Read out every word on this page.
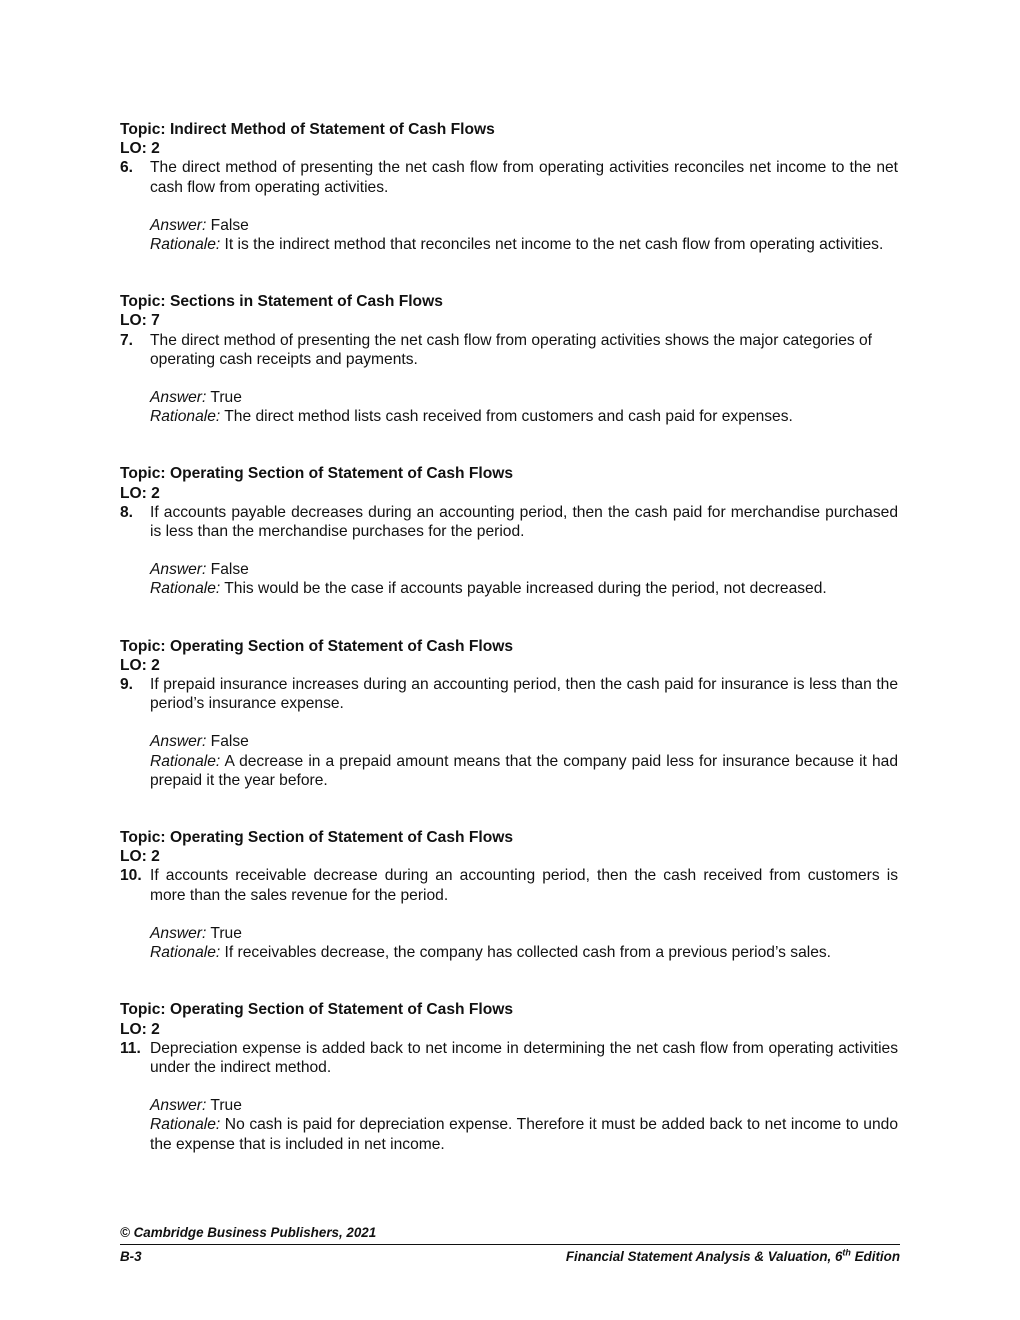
Topic: Indirect Method of Statement of Cash Flows
LO: 2
6.	The direct method of presenting the net cash flow from operating activities reconciles net income to the net cash flow from operating activities.
Answer: False
Rationale: It is the indirect method that reconciles net income to the net cash flow from operating activities.
Topic: Sections in Statement of Cash Flows
LO: 7
7.	The direct method of presenting the net cash flow from operating activities shows the major categories of operating cash receipts and payments.
Answer: True
Rationale: The direct method lists cash received from customers and cash paid for expenses.
Topic: Operating Section of Statement of Cash Flows
LO: 2
8.	If accounts payable decreases during an accounting period, then the cash paid for merchandise purchased is less than the merchandise purchases for the period.
Answer: False
Rationale: This would be the case if accounts payable increased during the period, not decreased.
Topic: Operating Section of Statement of Cash Flows
LO: 2
9.	If prepaid insurance increases during an accounting period, then the cash paid for insurance is less than the period’s insurance expense.
Answer: False
Rationale: A decrease in a prepaid amount means that the company paid less for insurance because it had prepaid it the year before.
Topic: Operating Section of Statement of Cash Flows
LO: 2
10. If accounts receivable decrease during an accounting period, then the cash received from customers is more than the sales revenue for the period.
Answer: True
Rationale: If receivables decrease, the company has collected cash from a previous period’s sales.
Topic: Operating Section of Statement of Cash Flows
LO: 2
11. Depreciation expense is added back to net income in determining the net cash flow from operating activities under the indirect method.
Answer: True
Rationale: No cash is paid for depreciation expense. Therefore it must be added back to net income to undo the expense that is included in net income.
© Cambridge Business Publishers, 2021
B-3	Financial Statement Analysis & Valuation, 6th Edition
